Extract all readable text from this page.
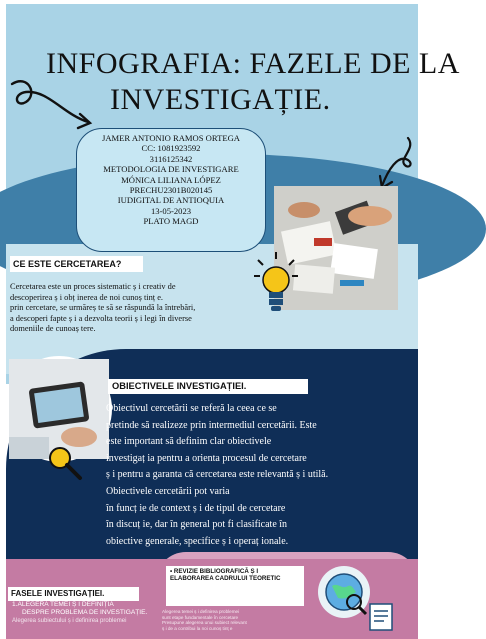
INFOGRAFIA: FAZELE DE LA
INVESTIGAȚIE.
JAMER ANTONIO RAMOS ORTEGA
CC: 1081923592
3116125342
METODOLOGIA DE INVESTIGARE
MÓNICA LILIANA LÓPEZ
PRECHU2301B020145
IUDIGITAL DE ANTIOQUIA
13-05-2023
PLATO MAGD
CE ESTE CERCETAREA?
Cercetarea este un proces sistematic ș i creativ de
descoperirea ș i obț inerea de noi cunoș tinț e.
prin cercetare, se urmăreș te să se răspundă la întrebări,
a descoperi fapte ș i a dezvolta teorii ș i legi în diverse
domeniile de cunoaș tere.
OBIECTIVELE INVESTIGAȚIEI.
Obiectivul cercetării se referă la ceea ce se
pretinde să realizeze prin intermediul cercetării. Este
este important să definim clar obiectivele
investigaț ia pentru a orienta procesul de cercetare
ș i pentru a garanta că cercetarea este relevantă ș i utilă.
Obiectivele cercetării pot varia
în funcț ie de context ș i de tipul de cercetare
în discuț ie, dar în general pot fi clasificate în
obiective generale, specifice ș i operaț ionale.
FASELE INVESTIGAȚIEI.
1.ALEGERA TEMEI Ș I DEFINIȚIA
DESPRE PROBLEMA DE INVESTIGAȚIE.
Alegerea subiectului ș i definirea problemei
• REVIZIE BIBLIOGRAFICĂ Ș I ELABORAREA CADRULUI TEORETIC
Alegerea temei ș i definirea problemei
sunt etape fundamentale în cercetare
Presupune alegerea unui subiect relevant
ș i de a contribui la noi cunoș tinț e
